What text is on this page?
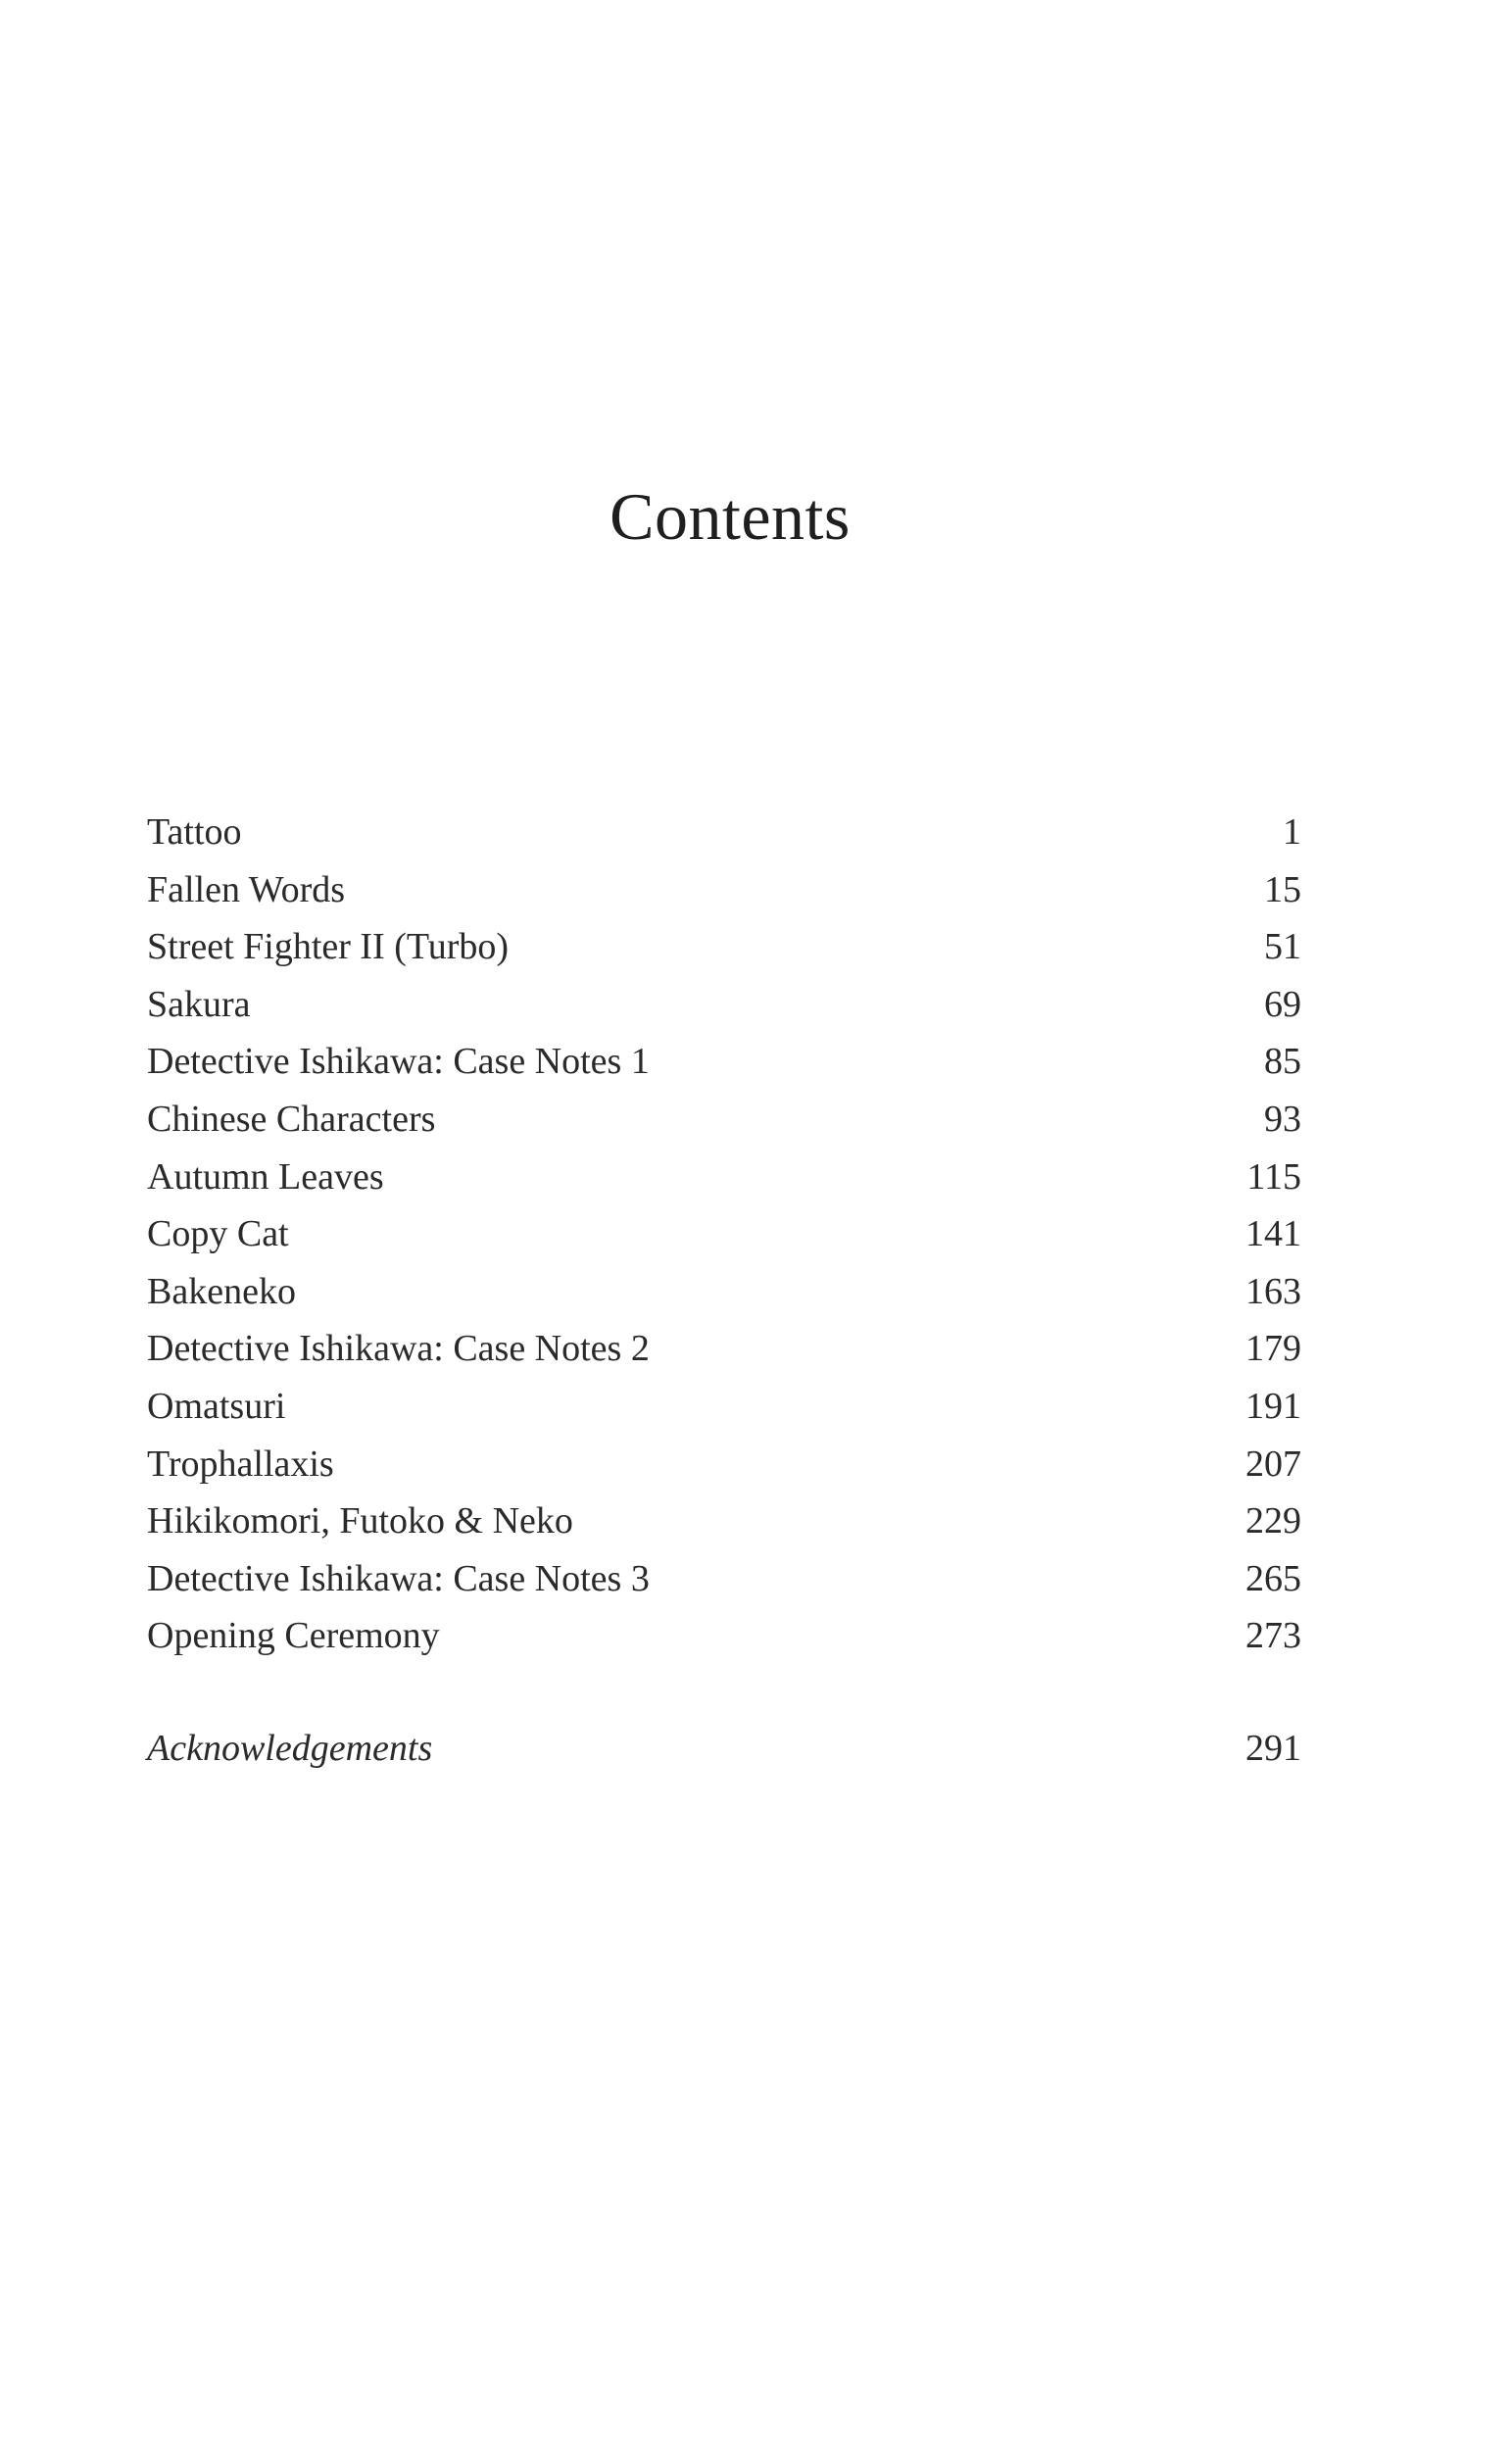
Contents
Tattoo	1
Fallen Words	15
Street Fighter II (Turbo)	51
Sakura	69
Detective Ishikawa: Case Notes 1	85
Chinese Characters	93
Autumn Leaves	115
Copy Cat	141
Bakeneko	163
Detective Ishikawa: Case Notes 2	179
Omatsuri	191
Trophallaxis	207
Hikikomori, Futoko & Neko	229
Detective Ishikawa: Case Notes 3	265
Opening Ceremony	273
Acknowledgements	291
